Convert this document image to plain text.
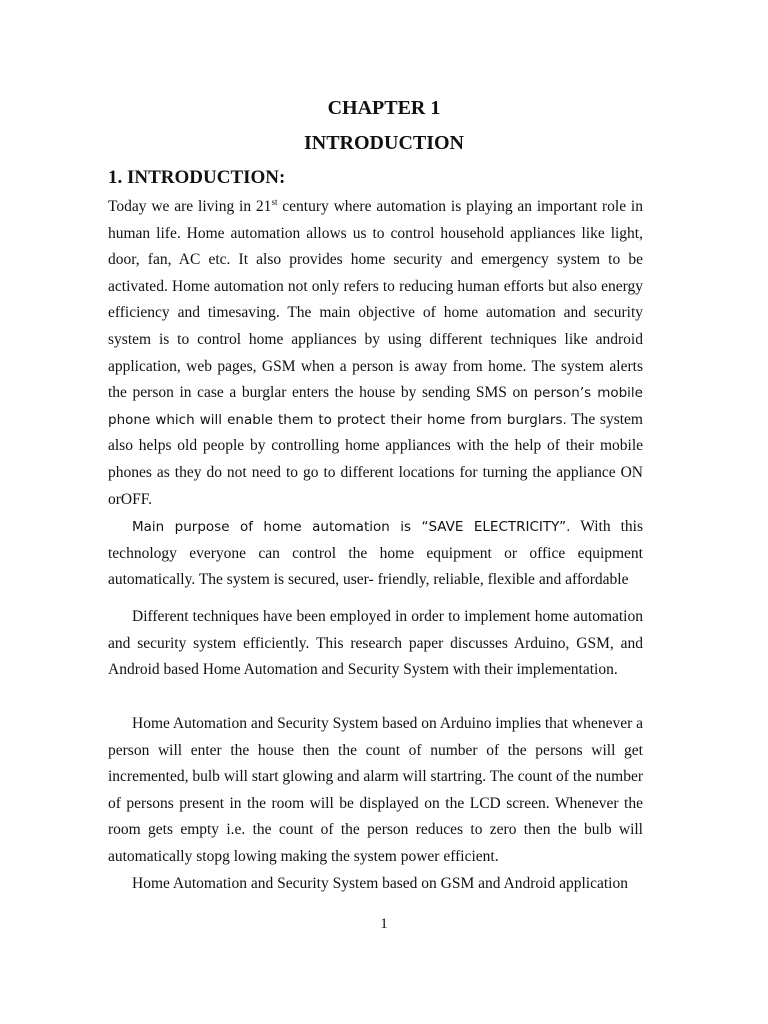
CHAPTER 1
INTRODUCTION
1. INTRODUCTION:

Today we are living in 21st century where automation is playing an important role in human life. Home automation allows us to control household appliances like light, door, fan, AC etc. It also provides home security and emergency system to be activated. Home automation not only refers to reducing human efforts but also energy efficiency and timesaving. The main objective of home automation and security system is to control home appliances by using different techniques like android application, web pages, GSM when a person is away from home. The system alerts the person in case a burglar enters the house by sending SMS on person’s mobile phone which will enable them to protect their home from burglars. The system also helps old people by controlling home appliances with the help of their mobile phones as they do not need to go to different locations for turning the appliance ON orOFF.

Main purpose of home automation is “SAVE ELECTRICITY”. With this technology everyone can control the home equipment or office equipment automatically. The system is secured, user- friendly, reliable, flexible and affordable

Different techniques have been employed in order to implement home automation and security system efficiently. This research paper discusses Arduino, GSM, and Android based Home Automation and Security System with their implementation.

Home Automation and Security System based on Arduino implies that whenever a person will enter the house then the count of number of the persons will get incremented, bulb will start glowing and alarm will startring. The count of the number of persons present in the room will be displayed on the LCD screen. Whenever the room gets empty i.e. the count of the person reduces to zero then the bulb will automatically stopg lowing making the system power efficient.

Home Automation and Security System based on GSM and Android application

1
